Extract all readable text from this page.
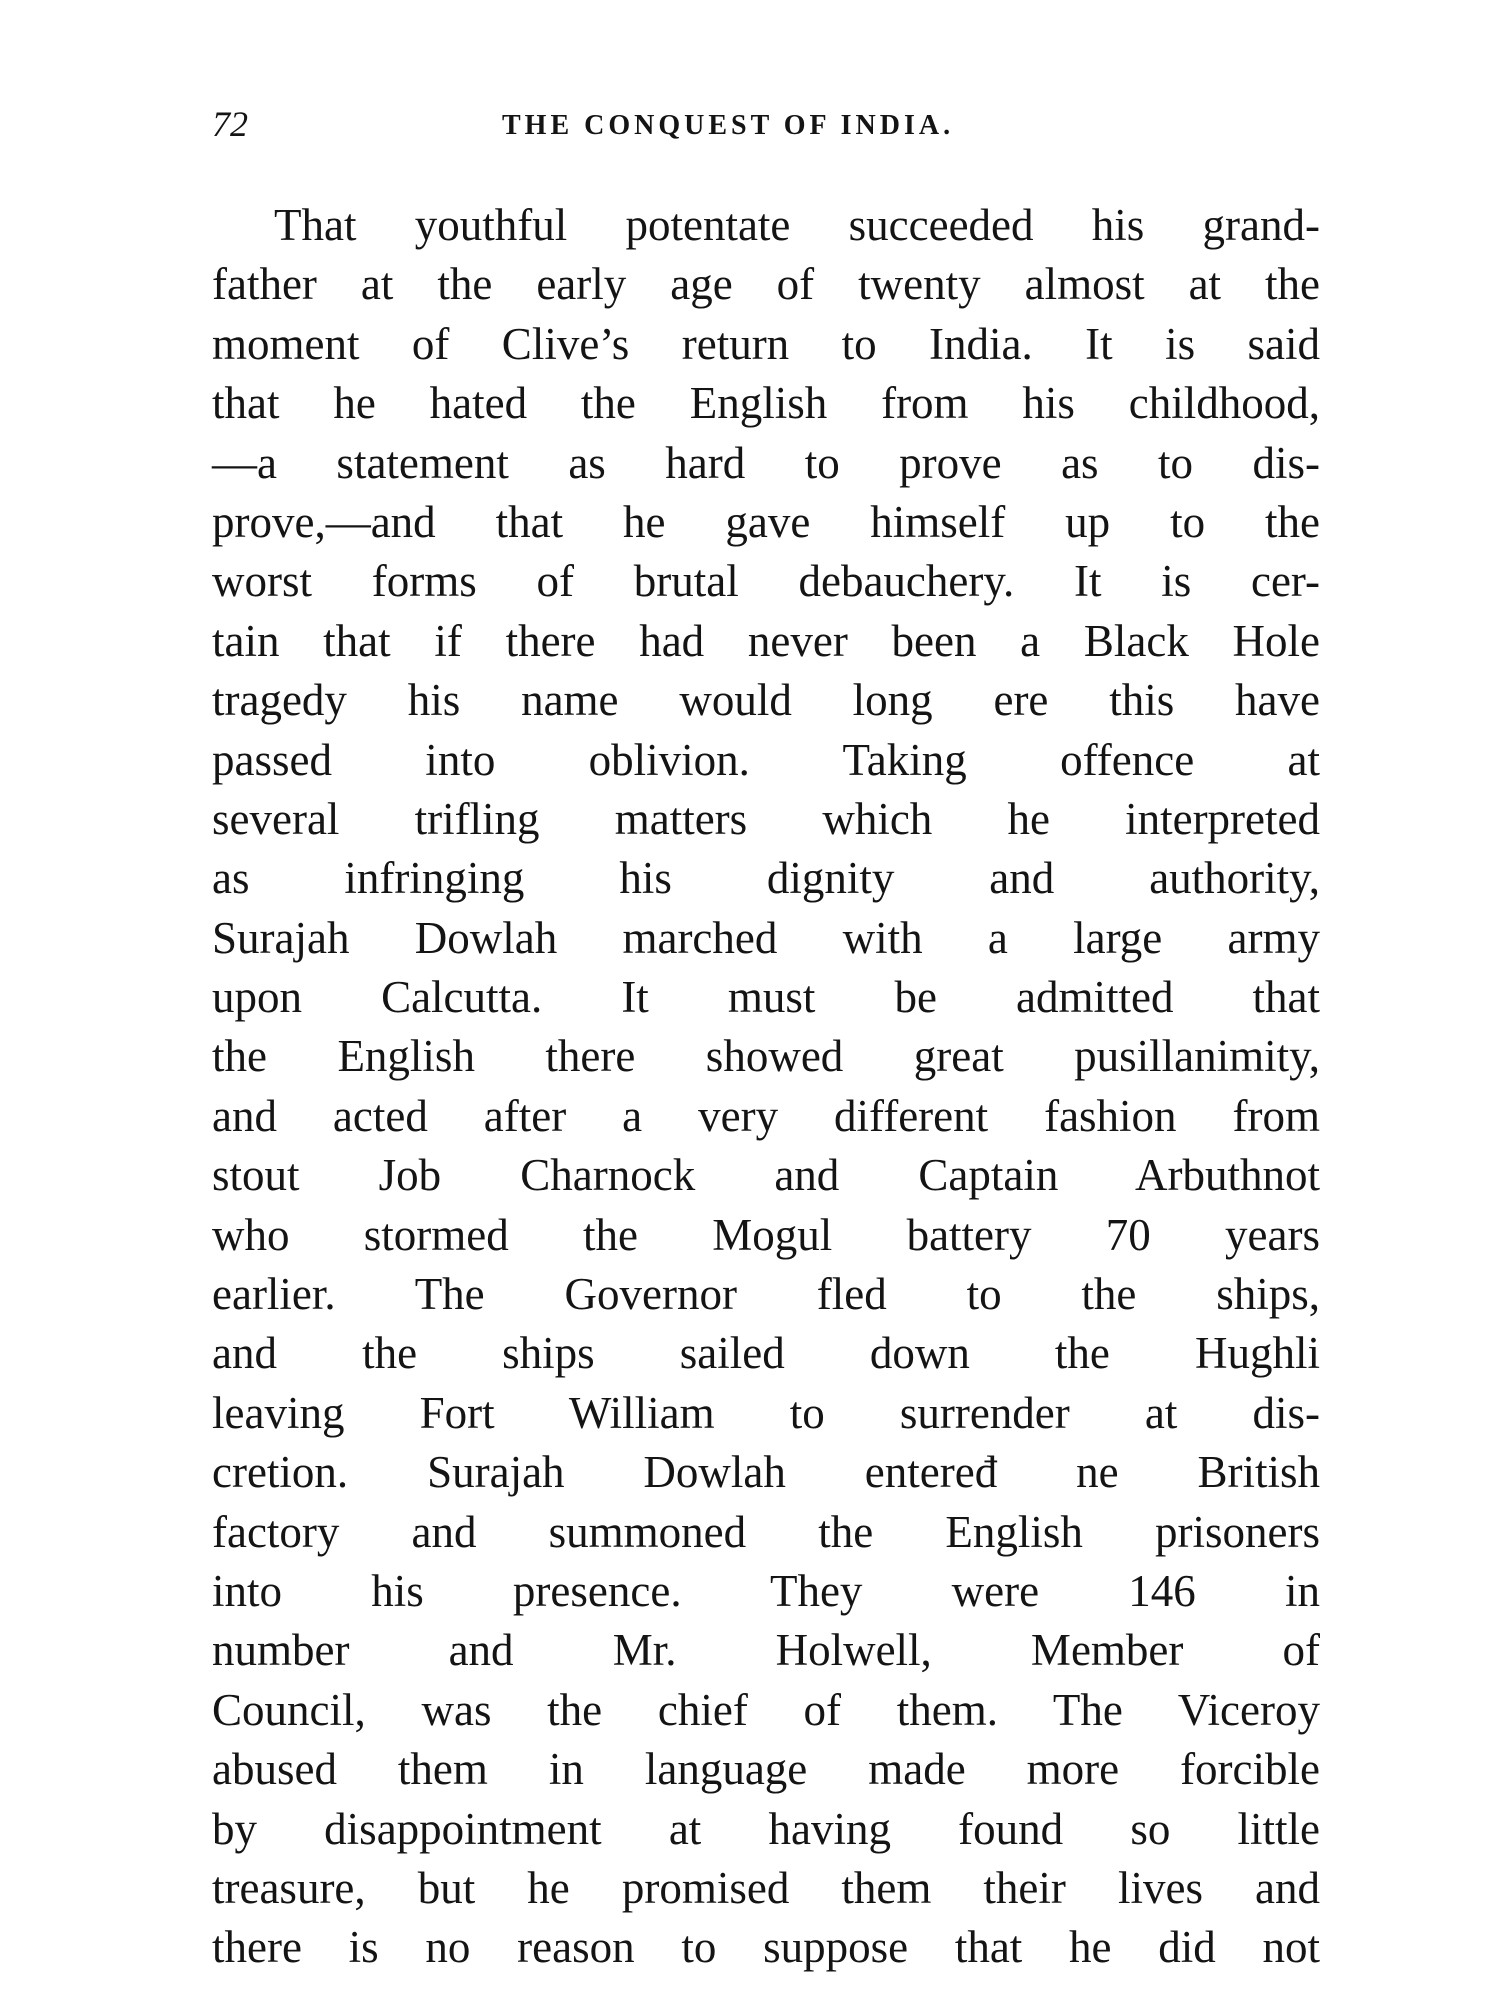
72	THE CONQUEST OF INDIA.
That youthful potentate succeeded his grand-
father at the early age of twenty almost at the
moment of Clive’s return to India. It is said
that he hated the English from his childhood,
—a statement as hard to prove as to dis-
prove,—and that he gave himself up to the
worst forms of brutal debauchery. It is cer-
tain that if there had never been a Black Hole
tragedy his name would long ere this have
passed into oblivion. Taking offence at
several trifling matters which he interpreted
as infringing his dignity and authority,
Surajah Dowlah marched with a large army
upon Calcutta. It must be admitted that
the English there showed great pusillanimity,
and acted after a very different fashion from
stout Job Charnock and Captain Arbuthnot
who stormed the Mogul battery 70 years
earlier. The Governor fled to the ships,
and the ships sailed down the Hughli
leaving Fort William to surrender at dis-
cretion. Surajah Dowlah enteređ ne British
factory and summoned the English prisoners
into his presence. They were 146 in
number and Mr. Holwell, Member of
Council, was the chief of them. The Viceroy
abused them in language made more forcible
by disappointment at having found so little
treasure, but he promised them their lives and
there is no reason to suppose that he did not
